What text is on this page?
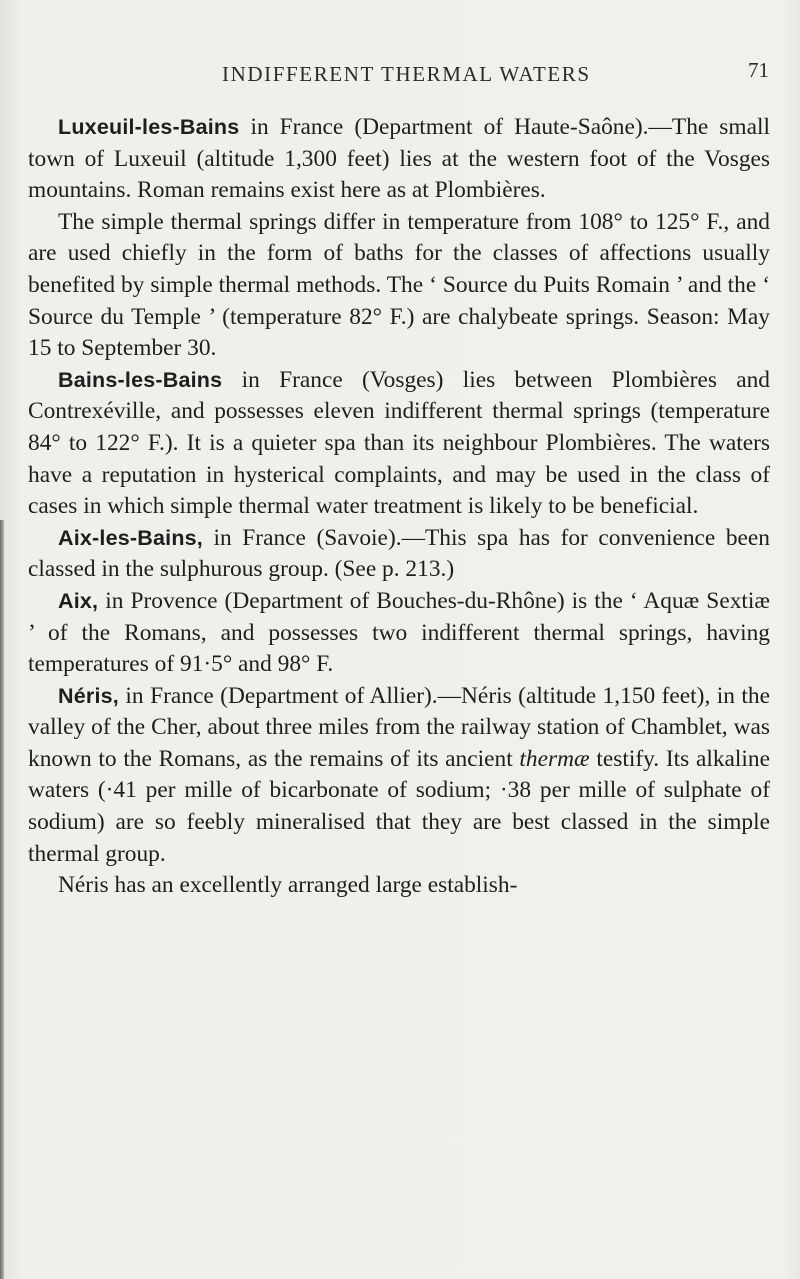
INDIFFERENT THERMAL WATERS	71

Luxeuil-les-Bains in France (Department of Haute-Saône).—The small town of Luxeuil (altitude 1,300 feet) lies at the western foot of the Vosges mountains. Roman remains exist here as at Plombières.

The simple thermal springs differ in temperature from 108° to 125° F., and are used chiefly in the form of baths for the classes of affections usually benefited by simple thermal methods. The ‘ Source du Puits Romain ’ and the ‘ Source du Temple ’ (temperature 82° F.) are chalybeate springs. Season: May 15 to September 30.

Bains-les-Bains in France (Vosges) lies between Plombières and Contrexéville, and possesses eleven indifferent thermal springs (temperature 84° to 122° F.). It is a quieter spa than its neighbour Plombières. The waters have a reputation in hysterical complaints, and may be used in the class of cases in which simple thermal water treatment is likely to be beneficial.

Aix-les-Bains, in France (Savoie).—This spa has for convenience been classed in the sulphurous group. (See p. 213.)

Aix, in Provence (Department of Bouches-du-Rhône) is the ‘ Aquæ Sextiæ ’ of the Romans, and possesses two indifferent thermal springs, having temperatures of 91·5° and 98° F.

Néris, in France (Department of Allier).—Néris (altitude 1,150 feet), in the valley of the Cher, about three miles from the railway station of Chamblet, was known to the Romans, as the remains of its ancient thermæ testify. Its alkaline waters (·41 per mille of bicarbonate of sodium; ·38 per mille of sulphate of sodium) are so feebly mineralised that they are best classed in the simple thermal group.

Néris has an excellently arranged large establish-
